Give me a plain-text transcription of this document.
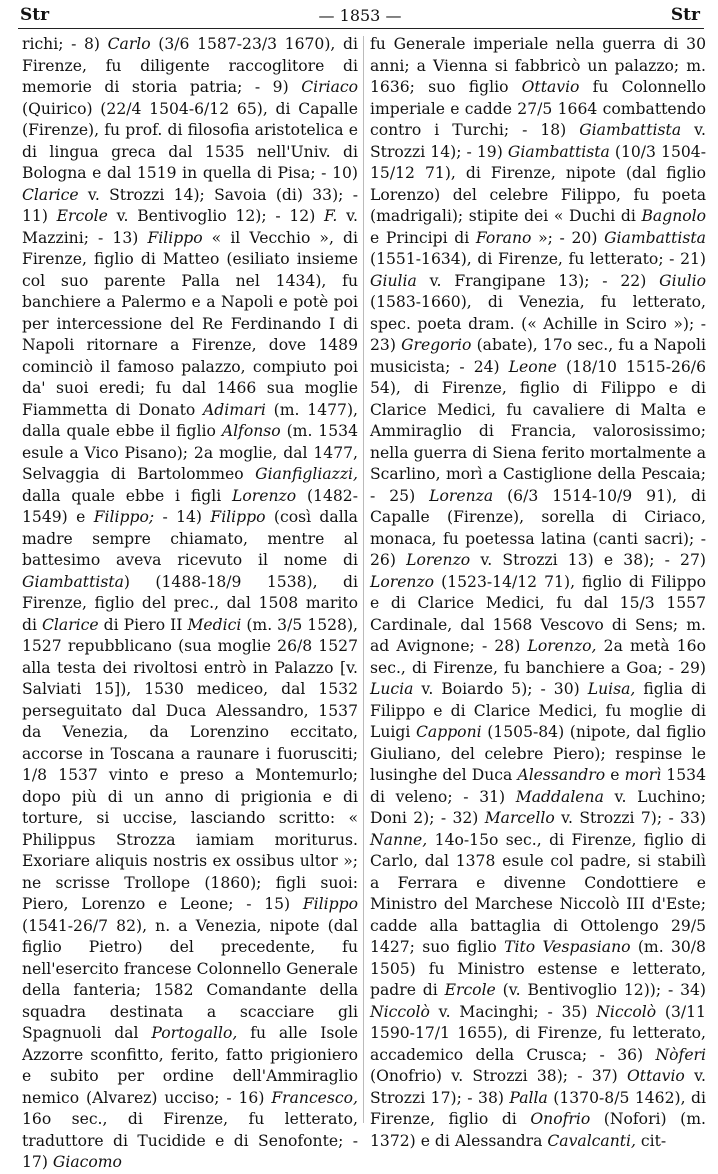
Str	— 1853 —	Str

richi; - 8) Carlo (3/6 1587-23/3 1670), di Firenze, fu diligente raccoglitore di memorie di storia patria; - 9) Ciriaco (Quirico) (22/4 1504-6/12 65), di Capalle (Firenze), fu prof. di filosofia aristotelica e di lingua greca dal 1535 nell'Univ. di Bologna e dal 1519 in quella di Pisa; - 10) Clarice v. Strozzi 14); Savoia (di) 33); - 11) Ercole v. Bentivoglio 12); - 12) F. v. Mazzini; - 13) Filippo « il Vecchio », di Firenze, figlio di Matteo (esiliato insieme col suo parente Palla nel 1434), fu banchiere a Palermo e a Napoli e potè poi per intercessione del Re Ferdinando I di Napoli ritornare a Firenze, dove 1489 cominciò il famoso palazzo, compiuto poi da' suoi eredi; fu dal 1466 sua moglie Fiammetta di Donato Adimari (m. 1477), dalla quale ebbe il figlio Alfonso (m. 1534 esule a Vico Pisano); 2a moglie, dal 1477, Selvaggia di Bartolommeo Gianfigliazzi, dalla quale ebbe i figli Lorenzo (1482-1549) e Filippo; - 14) Filippo (così dalla madre sempre chiamato, mentre al battesimo aveva ricevuto il nome di Giambattista) (1488-18/9 1538), di Firenze, figlio del prec., dal 1508 marito di Clarice di Piero II Medici (m. 3/5 1528), 1527 repubblicano (sua moglie 26/8 1527 alla testa dei rivoltosi entrò in Palazzo [v. Salviati 15]), 1530 mediceo, dal 1532 perseguitato dal Duca Alessandro, 1537 da Venezia, da Lorenzino eccitato, accorse in Toscana a raunare i fuorusciti; 1/8 1537 vinto e preso a Montemurlo; dopo più di un anno di prigionia e di torture, si uccise, lasciando scritto: « Philippus Strozza iamiam moriturus. Exoriare aliquis nostris ex ossibus ultor »; ne scrisse Trollope (1860); figli suoi: Piero, Lorenzo e Leone; - 15) Filippo (1541-26/7 82), n. a Venezia, nipote (dal figlio Pietro) del precedente, fu nell'esercito francese Colonnello Generale della fanteria; 1582 Comandante della squadra destinata a scacciare gli Spagnuoli dal Portogallo, fu alle Isole Azzorre sconfitto, ferito, fatto prigioniero e subito per ordine dell'Ammiraglio nemico (Alvarez) ucciso; - 16) Francesco, 16o sec., di Firenze, fu letterato, traduttore di Tucidide e di Senofonte; - 17) Giacomo

fu Generale imperiale nella guerra di 30 anni; a Vienna si fabbricò un palazzo; m. 1636; suo figlio Ottavio fu Colonnello imperiale e cadde 27/5 1664 combattendo contro i Turchi; - 18) Giambattista v. Strozzi 14); - 19) Giambattista (10/3 1504-15/12 71), di Firenze, nipote (dal figlio Lorenzo) del celebre Filippo, fu poeta (madrigali); stipite dei « Duchi di Bagnolo e Principi di Forano »; - 20) Giambattista (1551-1634), di Firenze, fu letterato; - 21) Giulia v. Frangipane 13); - 22) Giulio (1583-1660), di Venezia, fu letterato, spec. poeta dram. (« Achille in Sciro »); - 23) Gregorio (abate), 17o sec., fu a Napoli musicista; - 24) Leone (18/10 1515-26/6 54), di Firenze, figlio di Filippo e di Clarice Medici, fu cavaliere di Malta e Ammiraglio di Francia, valorosissimo; nella guerra di Siena ferito mortalmente a Scarlino, morì a Castiglione della Pescaia; - 25) Lorenza (6/3 1514-10/9 91), di Capalle (Firenze), sorella di Ciriaco, monaca, fu poetessa latina (canti sacri); - 26) Lorenzo v. Strozzi 13) e 38); - 27) Lorenzo (1523-14/12 71), figlio di Filippo e di Clarice Medici, fu dal 15/3 1557 Cardinale, dal 1568 Vescovo di Sens; m. ad Avignone; - 28) Lorenzo, 2a metà 16o sec., di Firenze, fu banchiere a Goa; - 29) Lucia v. Boiardo 5); - 30) Luisa, figlia di Filippo e di Clarice Medici, fu moglie di Luigi Capponi (1505-84) (nipote, dal figlio Giuliano, del celebre Piero); respinse le lusinghe del Duca Alessandro e morì 1534 di veleno; - 31) Maddalena v. Luchino; Doni 2); - 32) Marcello v. Strozzi 7); - 33) Nanne, 14o-15o sec., di Firenze, figlio di Carlo, dal 1378 esule col padre, si stabilì a Ferrara e divenne Condottiere e Ministro del Marchese Niccolò III d'Este; cadde alla battaglia di Ottolengo 29/5 1427; suo figlio Tito Vespasiano (m. 30/8 1505) fu Ministro estense e letterato, padre di Ercole (v. Bentivoglio 12)); - 34) Niccolò v. Macinghi; - 35) Niccolò (3/11 1590-17/1 1655), di Firenze, fu letterato, accademico della Crusca; - 36) Nòferi (Onofrio) v. Strozzi 38); - 37) Ottavio v. Strozzi 17); - 38) Palla (1370-8/5 1462), di Firenze, figlio di Onofrio (Nofori) (m. 1372) e di Alessandra Cavalcanti, cit-
